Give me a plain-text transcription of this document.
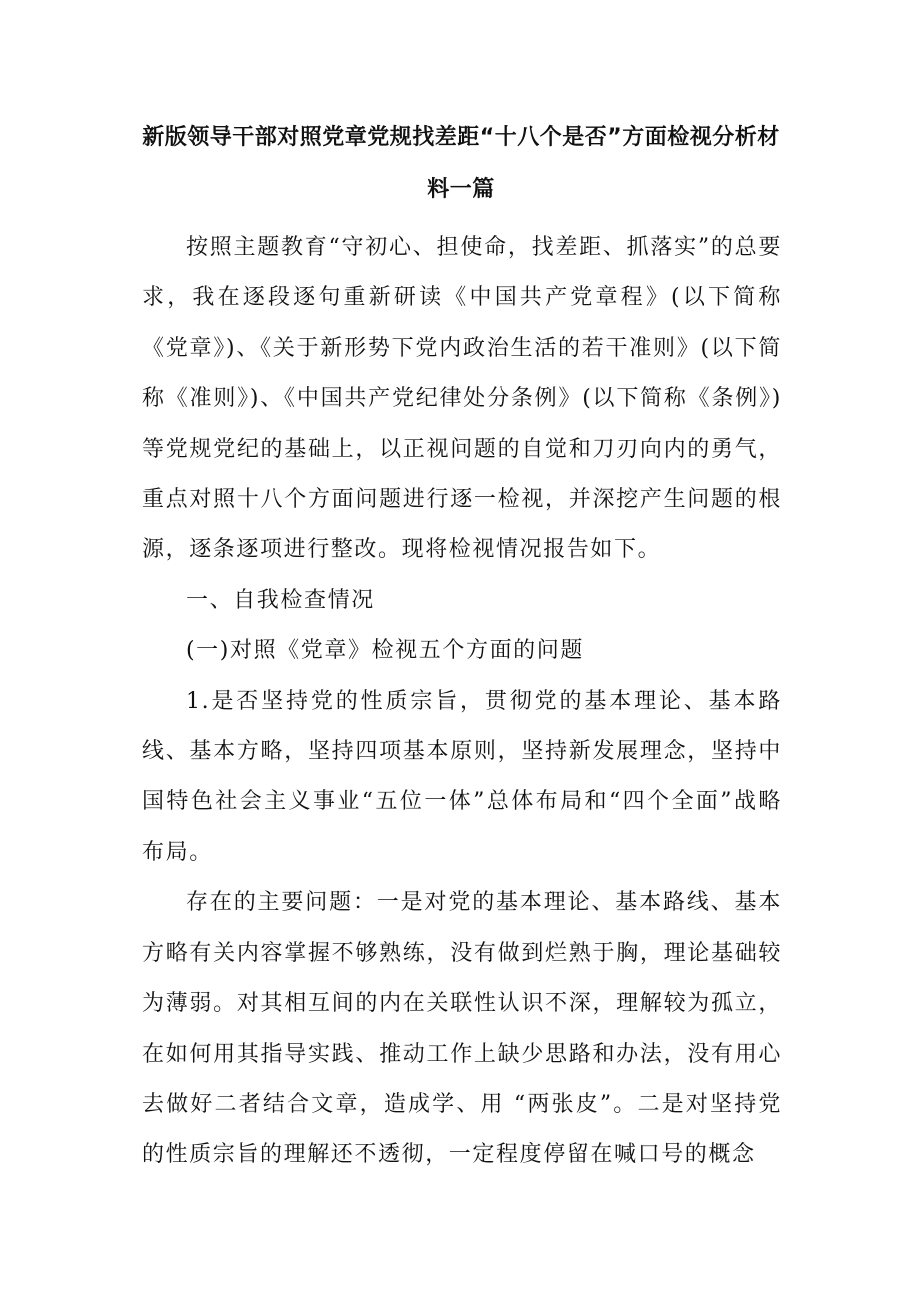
新版领导干部对照党章党规找差距“十八个是否”方面检视分析材料一篇

按照主题教育“守初心、担使命，找差距、抓落实”的总要求，我在逐段逐句重新研读《中国共产党章程》(以下简称《党章》)、《关于新形势下党内政治生活的若干准则》(以下简称《准则》)、《中国共产党纪律处分条例》(以下简称《条例》)等党规党纪的基础上，以正视问题的自觉和刀刃向内的勇气，重点对照十八个方面问题进行逐一检视，并深挖产生问题的根源，逐条逐项进行整改。现将检视情况报告如下。

一、自我检查情况

(一)对照《党章》检视五个方面的问题

1.是否坚持党的性质宗旨，贯彻党的基本理论、基本路线、基本方略，坚持四项基本原则，坚持新发展理念，坚持中国特色社会主义事业“五位一体”总体布局和“四个全面”战略布局。

存在的主要问题：一是对党的基本理论、基本路线、基本方略有关内容掌握不够熟练，没有做到烂熟于胸，理论基础较为薄弱。对其相互间的内在关联性认识不深，理解较为孤立，在如何用其指导实践、推动工作上缺少思路和办法，没有用心去做好二者结合文章，造成学、用 “两张皮”。二是对坚持党的性质宗旨的理解还不透彻，一定程度停留在喊口号的概念
